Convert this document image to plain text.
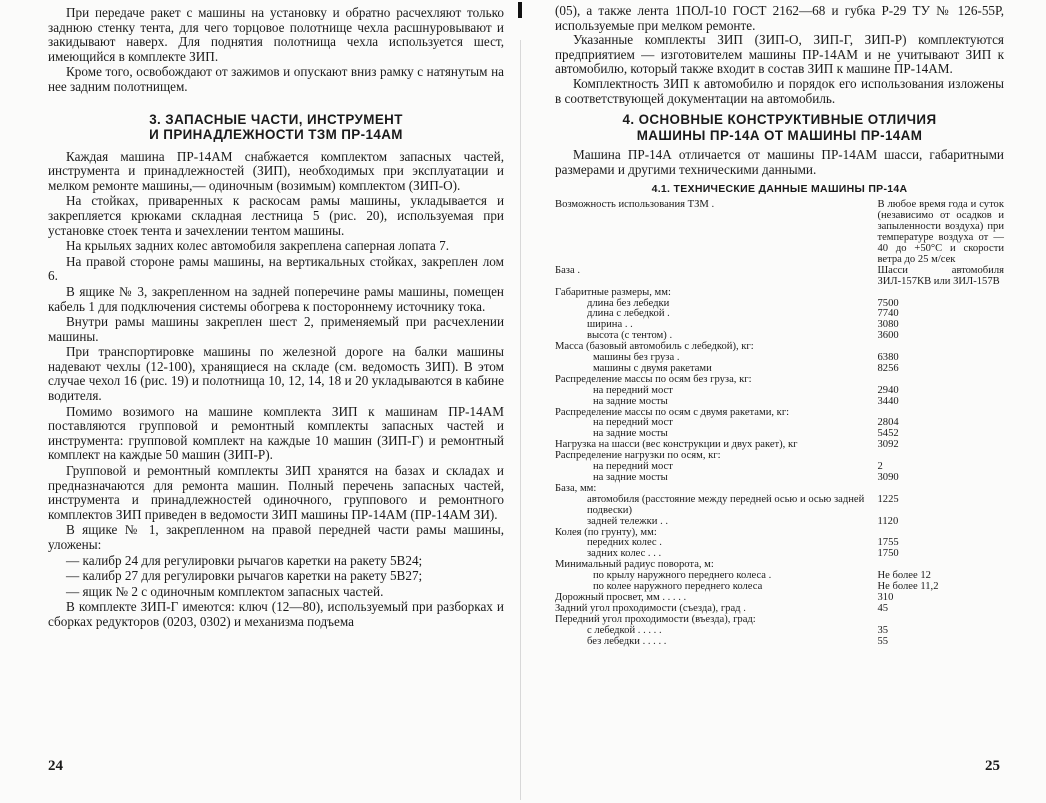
При передаче ракет с машины на установку и обратно расчехляют только заднюю стенку тента, для чего торцовое полотнище чехла расшнуровывают и закидывают наверх. Для поднятия полотнища чехла используется шест, имеющийся в комплекте ЗИП.

Кроме того, освобождают от зажимов и опускают вниз рамку с натянутым на нее задним полотнищем.

3. ЗАПАСНЫЕ ЧАСТИ, ИНСТРУМЕНТ
И ПРИНАДЛЕЖНОСТИ ТЗМ ПР-14АМ

Каждая машина ПР-14АМ снабжается комплектом запасных частей, инструмента и принадлежностей (ЗИП), необходимых при эксплуатации и мелком ремонте машины,— одиночным (возимым) комплектом (ЗИП-О).

На стойках, приваренных к раскосам рамы машины, укладывается и закрепляется крюками складная лестница 5 (рис. 20), используемая при установке стоек тента и зачехлении тентом машины.

На крыльях задних колес автомобиля закреплена саперная лопата 7.

На правой стороне рамы машины, на вертикальных стойках, закреплен лом 6.

В ящике № 3, закрепленном на задней поперечине рамы машины, помещен кабель 1 для подключения системы обогрева к постороннему источнику тока.

Внутри рамы машины закреплен шест 2, применяемый при расчехлении машины.

При транспортировке машины по железной дороге на балки машины надевают чехлы (12-100), хранящиеся на складе (см. ведомость ЗИП). В этом случае чехол 16 (рис. 19) и полотнища 10, 12, 14, 18 и 20 укладываются в кабине водителя.

Помимо возимого на машине комплекта ЗИП к машинам ПР-14АМ поставляются групповой и ремонтный комплекты запасных частей и инструмента: групповой комплект на каждые 10 машин (ЗИП-Г) и ремонтный комплект на каждые 50 машин (ЗИП-Р).

Групповой и ремонтный комплекты ЗИП хранятся на базах и складах и предназначаются для ремонта машин. Полный перечень запасных частей, инструмента и принадлежностей одиночного, группового и ремонтного комплектов ЗИП приведен в ведомости ЗИП машины ПР-14АМ (ПР-14АМ ЗИ).

В ящике № 1, закрепленном на правой передней части рамы машины, уложены:

— калибр 24 для регулировки рычагов каретки на ракету 5В24;

— калибр 27 для регулировки рычагов каретки на ракету 5В27;

— ящик № 2 с одиночным комплектом запасных частей.

В комплекте ЗИП-Г имеются: ключ (12—80), используемый при разборках и сборках редукторов (0203, 0302) и механизма подъема

24

(05), а также лента 1ПОЛ-10 ГОСТ 2162—68 и губка Р-29 ТУ № 126-55Р, используемые при мелком ремонте.

Указанные комплекты ЗИП (ЗИП-О, ЗИП-Г, ЗИП-Р) комплектуются предприятием — изготовителем машины ПР-14АМ и не учитывают ЗИП к автомобилю, который также входит в состав ЗИП к машине ПР-14АМ.

Комплектность ЗИП к автомобилю и порядок его использования изложены в соответствующей документации на автомобиль.

4. ОСНОВНЫЕ КОНСТРУКТИВНЫЕ ОТЛИЧИЯ
МАШИНЫ ПР-14А ОТ МАШИНЫ ПР-14АМ

Машина ПР-14А отличается от машины ПР-14АМ шасси, габаритными размерами и другими техническими данными.

4.1. ТЕХНИЧЕСКИЕ ДАННЫЕ МАШИНЫ ПР-14А
Возможность использования ТЗМ .	В любое время года и суток (независимо от осадков и запыленности воздуха) при температуре воздуха от —40 до +50°С и скорости ветра до 25 м/сек
База .	Шасси автомобиля ЗИЛ-157КВ или ЗИЛ-157В
Габаритные размеры, мм:	
длина без лебедки	7500
длина с лебедкой .	7740
ширина . .	3080
высота (с тентом) .	3600
Масса (базовый автомобиль с лебедкой), кг:	
машины без груза .	6380
машины с двумя ракетами	8256
Распределение массы по осям без груза, кг:	
на передний мост	2940
на задние мосты	3440
Распределение массы по осям с двумя ракетами, кг:	
на передний мост	2804
на задние мосты	5452
Нагрузка на шасси (вес конструкции и двух ракет), кг	3092
Распределение нагрузки по осям, кг:	
на передний мост	2
на задние мосты	3090
База, мм:	
автомобиля (расстояние между передней осью и осью задней подвески)	1225
задней тележки . .	1120
Колея (по грунту), мм:	
передних колес .	1755
задних колес . . .	1750
Минимальный радиус поворота, м:	
по крылу наружного переднего колеса .	Не более 12
по колее наружного переднего колеса	Не более 11,2
Дорожный просвет, мм . . . . .	310
Задний угол проходимости (съезда), град .	45
Передний угол проходимости (въезда), град:	
с лебедкой . . . . .	35
без лебедки . . . . .	55
25
